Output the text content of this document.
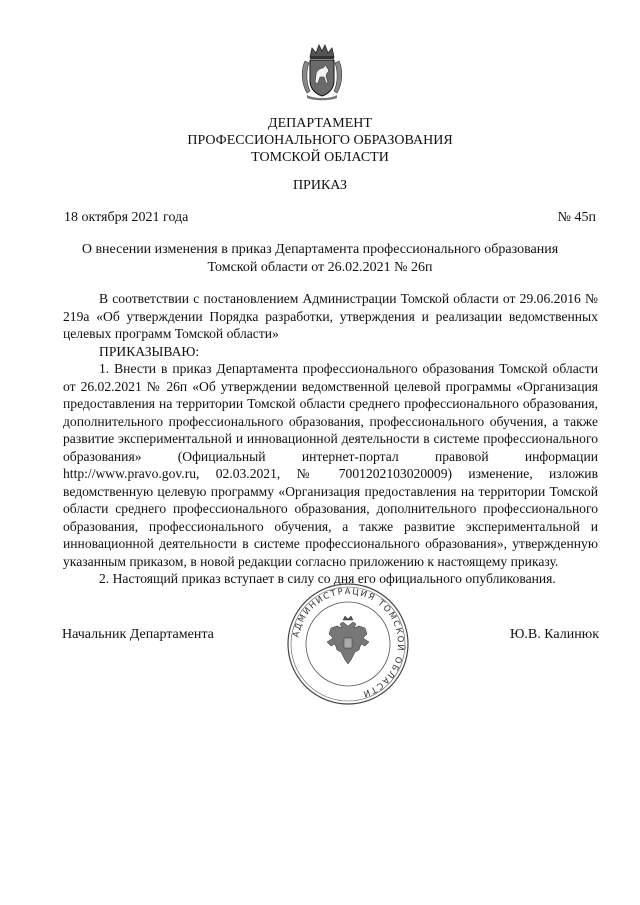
ДЕПАРТАМЕНТ
ПРОФЕССИОНАЛЬНОГО ОБРАЗОВАНИЯ
ТОМСКОЙ ОБЛАСТИ
ПРИКАЗ
18 октября 2021 года	№ 45п
О внесении изменения в приказ Департамента профессионального образования
Томской области от 26.02.2021 № 26п

В соответствии с постановлением Администрации Томской области от 29.06.2016 № 219а «Об утверждении Порядка разработки, утверждения и реализации ведомственных целевых программ Томской области»

ПРИКАЗЫВАЮ:

1. Внести в приказ Департамента профессионального образования Томской области от 26.02.2021 № 26п «Об утверждении ведомственной целевой программы «Организация предоставления на территории Томской области среднего профессионального образования, дополнительного профессионального образования, профессионального обучения, а также развитие экспериментальной и инновационной деятельности в системе профессионального образования» (Официальный интернет-портал правовой информации http://www.pravo.gov.ru, 02.03.2021, № 7001202103020009) изменение, изложив ведомственную целевую программу «Организация предоставления на территории Томской области среднего профессионального образования, дополнительного профессионального образования, профессионального обучения, а также развитие экспериментальной и инновационной деятельности в системе профессионального образования», утвержденную указанным приказом, в новой редакции согласно приложению к настоящему приказу.

2. Настоящий приказ вступает в силу со дня его официального опубликования.

АДМИНИСТРАЦИЯ ТОМСКОЙ ОБЛАСТИ
Начальник Департамента	Ю.В. Калинюк
